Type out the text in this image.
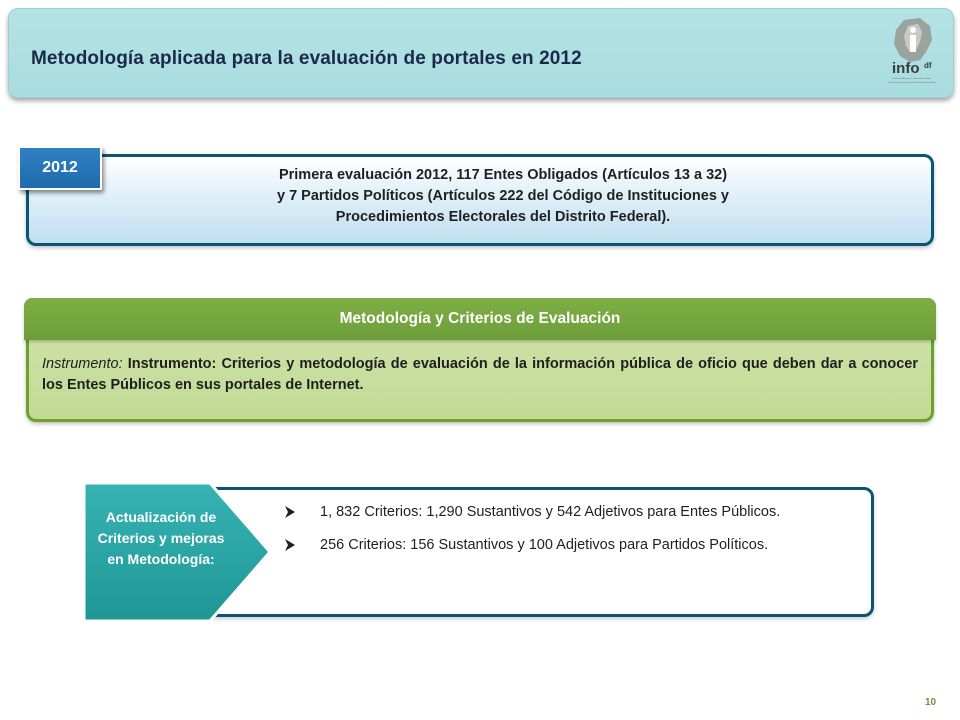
Metodología aplicada para la evaluación de portales en 2012	info df
Instituto de Acceso a la Información Pública
y Protección de Datos Personales del Distrito Federal
2012	Primera evaluación 2012, 117 Entes Obligados (Artículos 13 a 32)
y 7 Partidos Políticos (Artículos 222 del Código de Instituciones y
Procedimientos Electorales del Distrito Federal).
Metodología y Criterios de Evaluación
Instrumento: Instrumento: Criterios y metodología de evaluación de la información pública de oficio que deben dar a conocer los Entes Públicos en sus portales de Internet.
Actualización de Criterios y mejoras en Metodología:
1, 832 Criterios: 1,290 Sustantivos y 542 Adjetivos para Entes Públicos.
256 Criterios: 156 Sustantivos y 100 Adjetivos para Partidos Políticos.
10
